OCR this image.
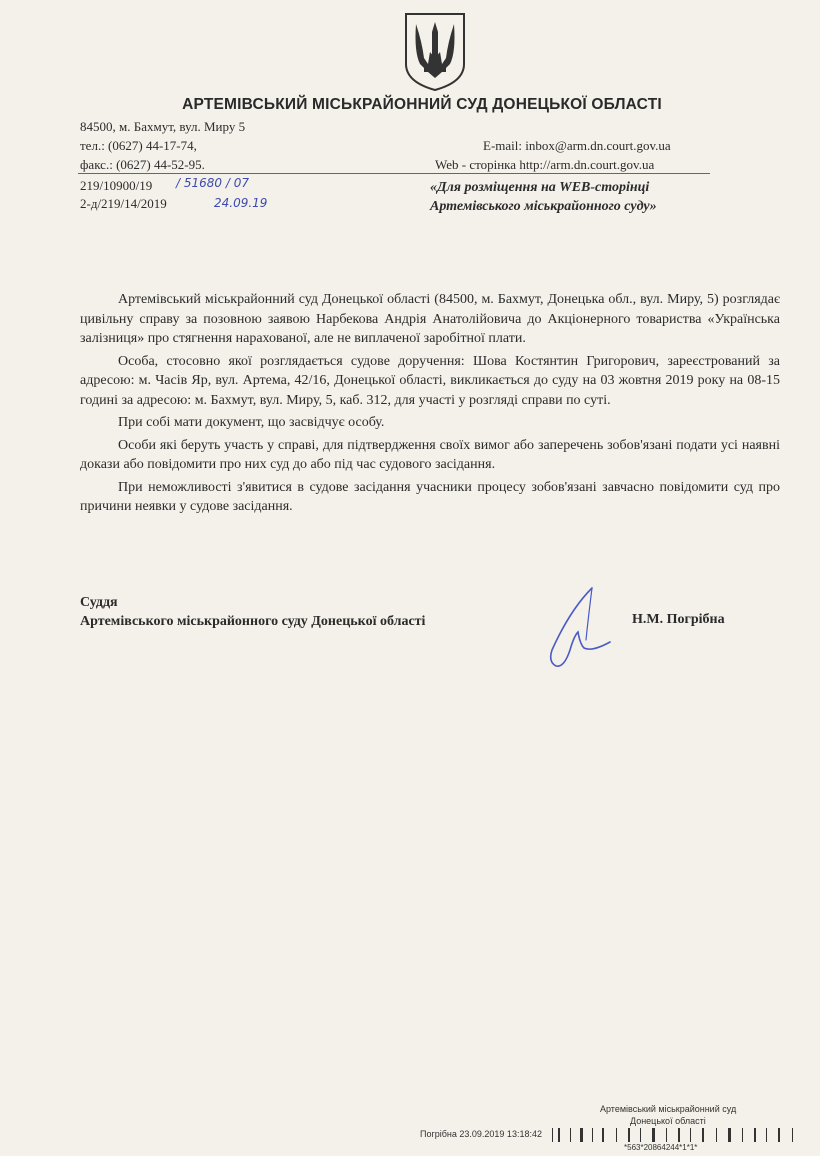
АРТЕМІВСЬКИЙ МІСЬКРАЙОННИЙ СУД ДОНЕЦЬКОЇ ОБЛАСТІ
84500, м. Бахмут, вул. Миру 5
тел.: (0627) 44-17-74,	E-mail: inbox@arm.dn.court.gov.ua
факс.: (0627) 44-52-95.	Web - сторінка http://arm.dn.court.gov.ua
219/10900/19 / 51680 / 07
2-д/219/14/2019	24.09.19
«Для розміщення на WEB-сторінці
Артемівського міськрайонного суду»

Артемівський міськрайонний суд Донецької області (84500, м. Бахмут, Донецька обл., вул. Миру, 5) розглядає цивільну справу за позовною заявою Нарбекова Андрія Анатолійовича до Акціонерного товариства «Українська залізниця» про стягнення нарахованої, але не виплаченої заробітної плати.

Особа, стосовно якої розглядається судове доручення: Шова Костянтин Григорович, зареєстрований за адресою: м. Часів Яр, вул. Артема, 42/16, Донецької області, викликається до суду на 03 жовтня 2019 року на 08-15 годині за адресою: м. Бахмут, вул. Миру, 5, каб. 312, для участі у розгляді справи по суті.

При собі мати документ, що засвідчує особу.

Особи які беруть участь у справі, для підтвердження своїх вимог або заперечень зобов'язані подати усі наявні докази або повідомити про них суд до або під час судового засідання.

При неможливості з'явитися в судове засідання учасники процесу зобов'язані завчасно повідомити суд про причини неявки у судове засідання.

Суддя
Артемівського міськрайонного суду Донецької області	Н.М. Погрібна
Артемівський міськрайонний суд
Донецької області
Погрібна 23.09.2019 13:18:42
*563*20864244*1*1*
